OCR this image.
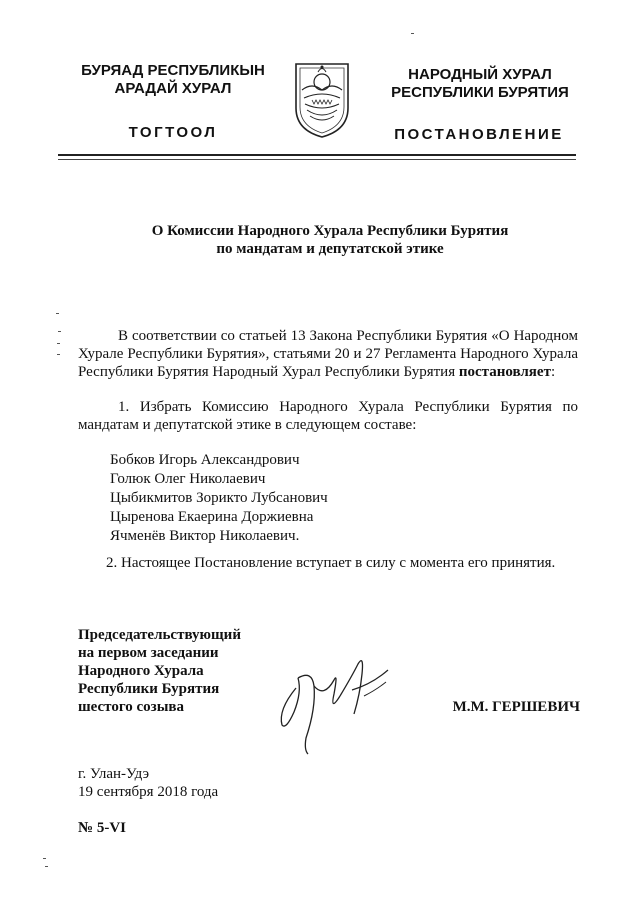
БУРЯАД РЕСПУБЛИКЫН
АРАДАЙ ХУРАЛ
ТОГТООЛ
НАРОДНЫЙ ХУРАЛ
РЕСПУБЛИКИ БУРЯТИЯ
ПОСТАНОВЛЕНИЕ
О Комиссии Народного Хурала Республики Бурятия
по мандатам и депутатской этике
В соответствии со статьей 13 Закона Республики Бурятия «О Народном Хурале Республики Бурятия», статьями 20 и 27 Регламента Народного Хурала Республики Бурятия Народный Хурал Республики Бурятия постановляет:
1. Избрать Комиссию Народного Хурала Республики Бурятия по мандатам и депутатской этике в следующем составе:
Бобков Игорь Александрович
Голюк Олег Николаевич
Цыбикмитов Зорикто Лубсанович
Цыренова Екаерина Доржиевна
Ячменёв Виктор Николаевич.
2. Настоящее Постановление вступает в силу с момента его принятия.
Председательствующий
на первом заседании
Народного Хурала
Республики Бурятия
шестого созыва	М.М. ГЕРШЕВИЧ
г. Улан-Удэ
19 сентября 2018 года
№ 5-VI
